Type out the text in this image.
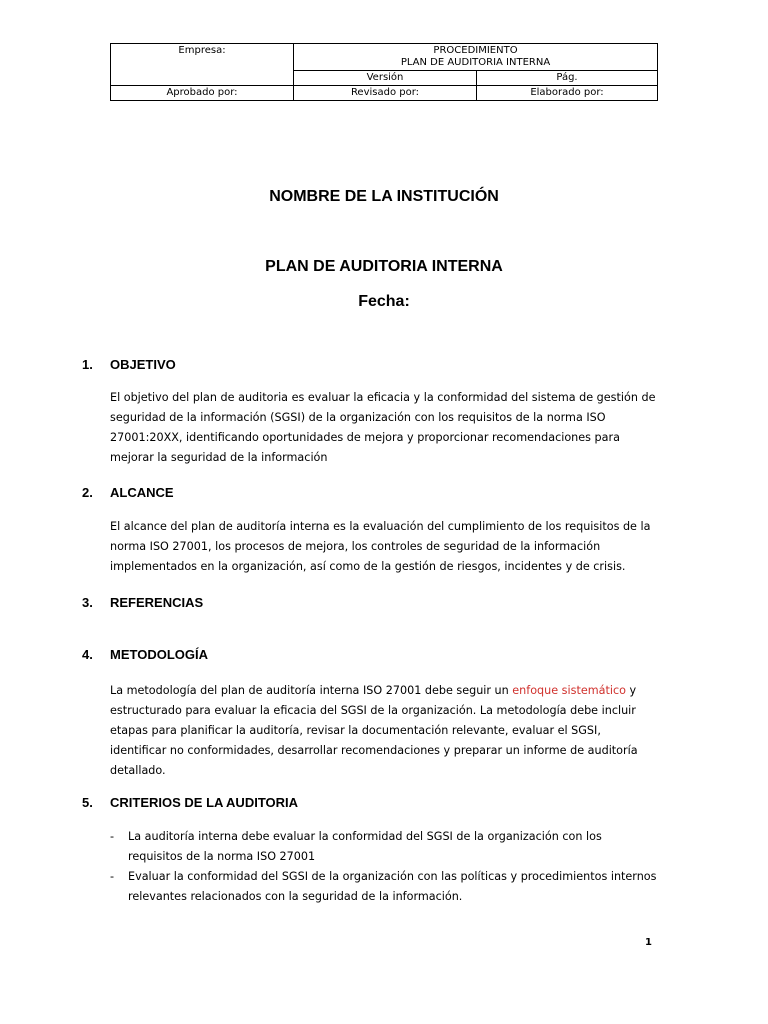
Empresa:	PROCEDIMIENTO
PLAN DE AUDITORIA INTERNA	

	Versión	Pág.
Aprobado por:	Revisado por:	Elaborado por:
NOMBRE DE LA INSTITUCIÓN
PLAN DE AUDITORIA INTERNA
Fecha:
1. OBJETIVO
El objetivo del plan de auditoria es evaluar la eficacia y la conformidad del sistema de gestión de seguridad de la información (SGSI) de la organización con los requisitos de la norma ISO 27001:20XX, identificando oportunidades de mejora y proporcionar recomendaciones para mejorar la seguridad de la información
2. ALCANCE
El alcance del plan de auditoría interna es la evaluación del cumplimiento de los requisitos de la norma ISO 27001, los procesos de mejora, los controles de seguridad de la información implementados en la organización, así como de la gestión de riesgos, incidentes y de crisis.
3. REFERENCIAS
4. METODOLOGÍA
La metodología del plan de auditoría interna ISO 27001 debe seguir un enfoque sistemático y estructurado para evaluar la eficacia del SGSI de la organización. La metodología debe incluir etapas para planificar la auditoría, revisar la documentación relevante, evaluar el SGSI, identificar no conformidades, desarrollar recomendaciones y preparar un informe de auditoría detallado.
5. CRITERIOS DE LA AUDITORIA
- La auditoría interna debe evaluar la conformidad del SGSI de la organización con los requisitos de la norma ISO 27001
- Evaluar la conformidad del SGSI de la organización con las políticas y procedimientos internos relevantes relacionados con la seguridad de la información.
1
